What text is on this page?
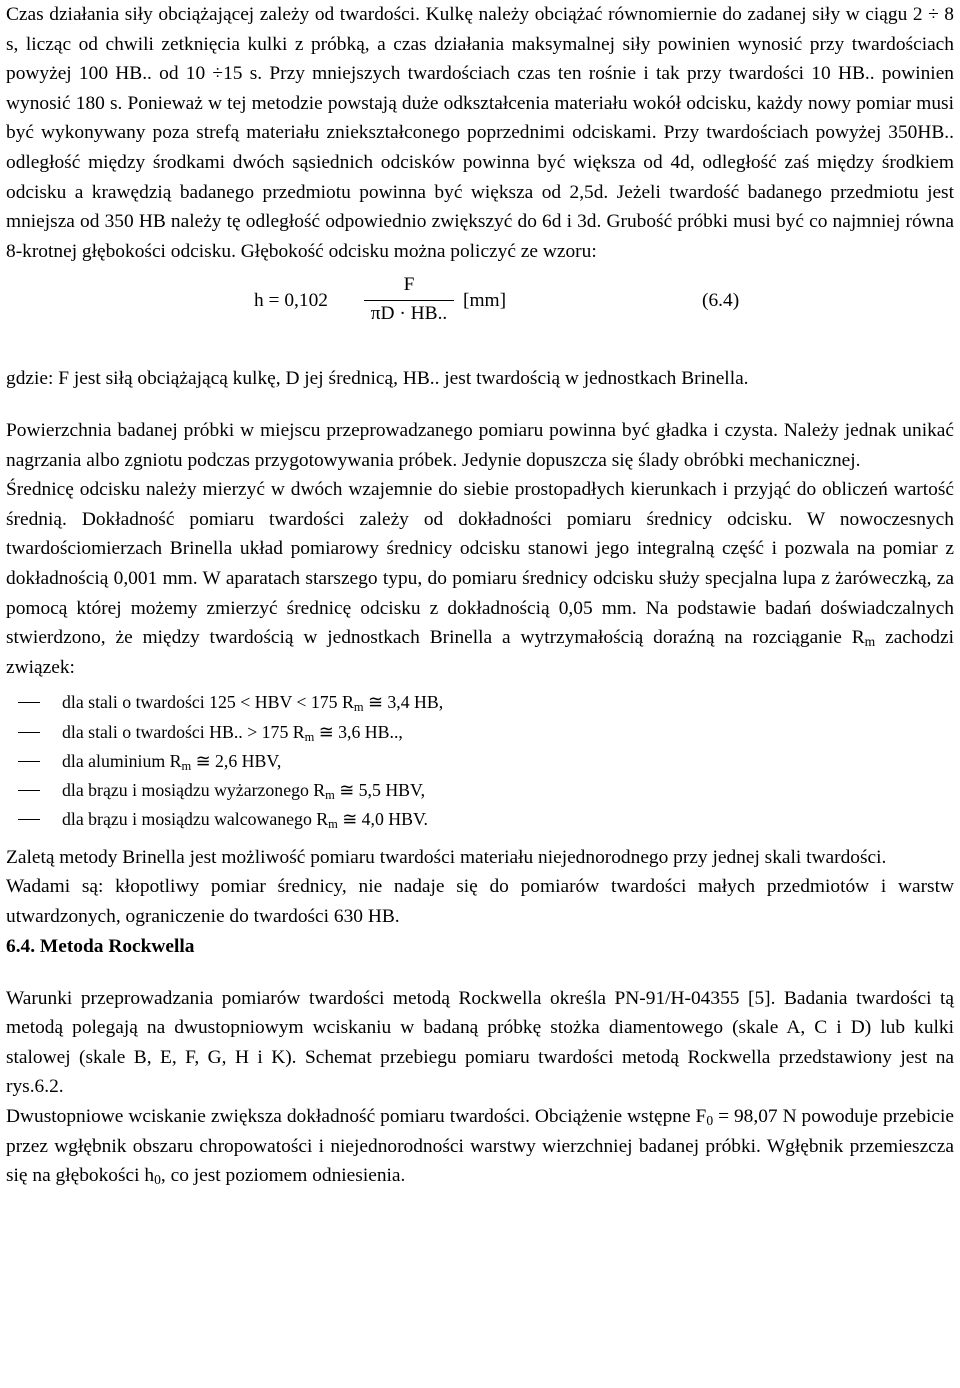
Czas działania siły obciążającej zależy od twardości. Kulkę należy obciążać równomiernie do zadanej siły w ciągu 2 ÷ 8 s, licząc od chwili zetknięcia kulki z próbką, a czas działania maksymalnej siły powinien wynosić przy twardościach powyżej 100 HB.. od 10 ÷15 s. Przy mniejszych twardościach czas ten rośnie i tak przy twardości 10 HB.. powinien wynosić 180 s. Ponieważ w tej metodzie powstają duże odkształcenia materiału wokół odcisku, każdy nowy pomiar musi być wykonywany poza strefą materiału zniekształconego poprzednimi odciskami. Przy twardościach powyżej 350HB.. odległość między środkami dwóch sąsiednich odcisków powinna być większa od 4d, odległość zaś między środkiem odcisku a krawędzią badanego przedmiotu powinna być większa od 2,5d. Jeżeli twardość badanego przedmiotu jest mniejsza od 350 HB należy tę odległość odpowiednio zwiększyć do 6d i 3d. Grubość próbki musi być co najmniej równa 8-krotnej głębokości odcisku. Głębokość odcisku można policzyć ze wzoru:

h = 0,102
F
πD · HB..
[mm]	(6.4)

gdzie: F jest siłą obciążającą kulkę, D jej średnicą, HB.. jest twardością w jednostkach Brinella.

Powierzchnia badanej próbki w miejscu przeprowadzanego pomiaru powinna być gładka i czysta. Należy jednak unikać nagrzania albo zgniotu podczas przygotowywania próbek. Jedynie dopuszcza się ślady obróbki mechanicznej.

Średnicę odcisku należy mierzyć w dwóch wzajemnie do siebie prostopadłych kierunkach i przyjąć do obliczeń wartość średnią. Dokładność pomiaru twardości zależy od dokładności pomiaru średnicy odcisku. W nowoczesnych twardościomierzach Brinella układ pomiarowy średnicy odcisku stanowi jego integralną część i pozwala na pomiar z dokładnością 0,001 mm. W aparatach starszego typu, do pomiaru średnicy odcisku służy specjalna lupa z żaróweczką, za pomocą której możemy zmierzyć średnicę odcisku z dokładnością 0,05 mm. Na podstawie badań doświadczalnych stwierdzono, że między twardością w jednostkach Brinella a wytrzymałością doraźną na rozciąganie $R_m$ zachodzi związek:

dla stali o twardości 125 < HBV < 175 $R_m$ ≅ 3,4 HB,
dla stali o twardości HB.. > 175 $R_m$ ≅ 3,6 HB..,
dla aluminium $R_m$ ≅ 2,6 HBV,
dla brązu i mosiądzu wyżarzonego $R_m$ ≅ 5,5 HBV,
dla brązu i mosiądzu walcowanego $R_m$ ≅ 4,0 HBV.

Zaletą metody Brinella jest możliwość pomiaru twardości materiału niejednorodnego przy jednej skali twardości.

Wadami są: kłopotliwy pomiar średnicy, nie nadaje się do pomiarów twardości małych przedmiotów i warstw utwardzonych, ograniczenie do twardości 630 HB.

6.4. Metoda Rockwella

Warunki przeprowadzania pomiarów twardości metodą Rockwella określa PN-91/H-04355 [5]. Badania twardości tą metodą polegają na dwustopniowym wciskaniu w badaną próbkę stożka diamentowego (skale A, C i D) lub kulki stalowej (skale B, E, F, G, H i K). Schemat przebiegu pomiaru twardości metodą Rockwella przedstawiony jest na rys.6.2.

Dwustopniowe wciskanie zwiększa dokładność pomiaru twardości. Obciążenie wstępne $F_0 = 98,07$ N powoduje przebicie przez wgłębnik obszaru chropowatości i niejednorodności warstwy wierzchniej badanej próbki. Wgłębnik przemieszcza się na głębokości $h_0$, co jest poziomem odniesienia.
